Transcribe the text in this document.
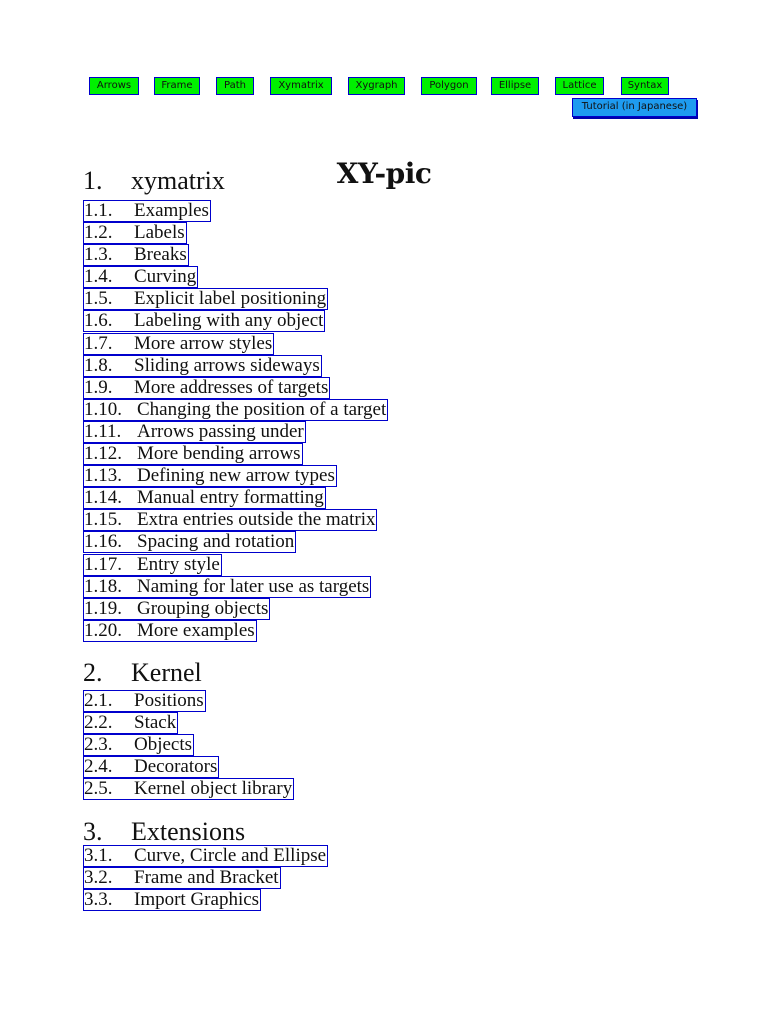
Arrows	Frame	Path	Xymatrix	Xygraph	Polygon	Ellipse	Lattice	Syntax
Tutorial (in Japanese)
XY-pic
1. xymatrix
1.1. Examples
1.2. Labels
1.3. Breaks
1.4. Curving
1.5. Explicit label positioning
1.6. Labeling with any object
1.7. More arrow styles
1.8. Sliding arrows sideways
1.9. More addresses of targets
1.10. Changing the position of a target
1.11. Arrows passing under
1.12. More bending arrows
1.13. Defining new arrow types
1.14. Manual entry formatting
1.15. Extra entries outside the matrix
1.16. Spacing and rotation
1.17. Entry style
1.18. Naming for later use as targets
1.19. Grouping objects
1.20. More examples
2. Kernel
2.1. Positions
2.2. Stack
2.3. Objects
2.4. Decorators
2.5. Kernel object library
3. Extensions
3.1. Curve, Circle and Ellipse
3.2. Frame and Bracket
3.3. Import Graphics
